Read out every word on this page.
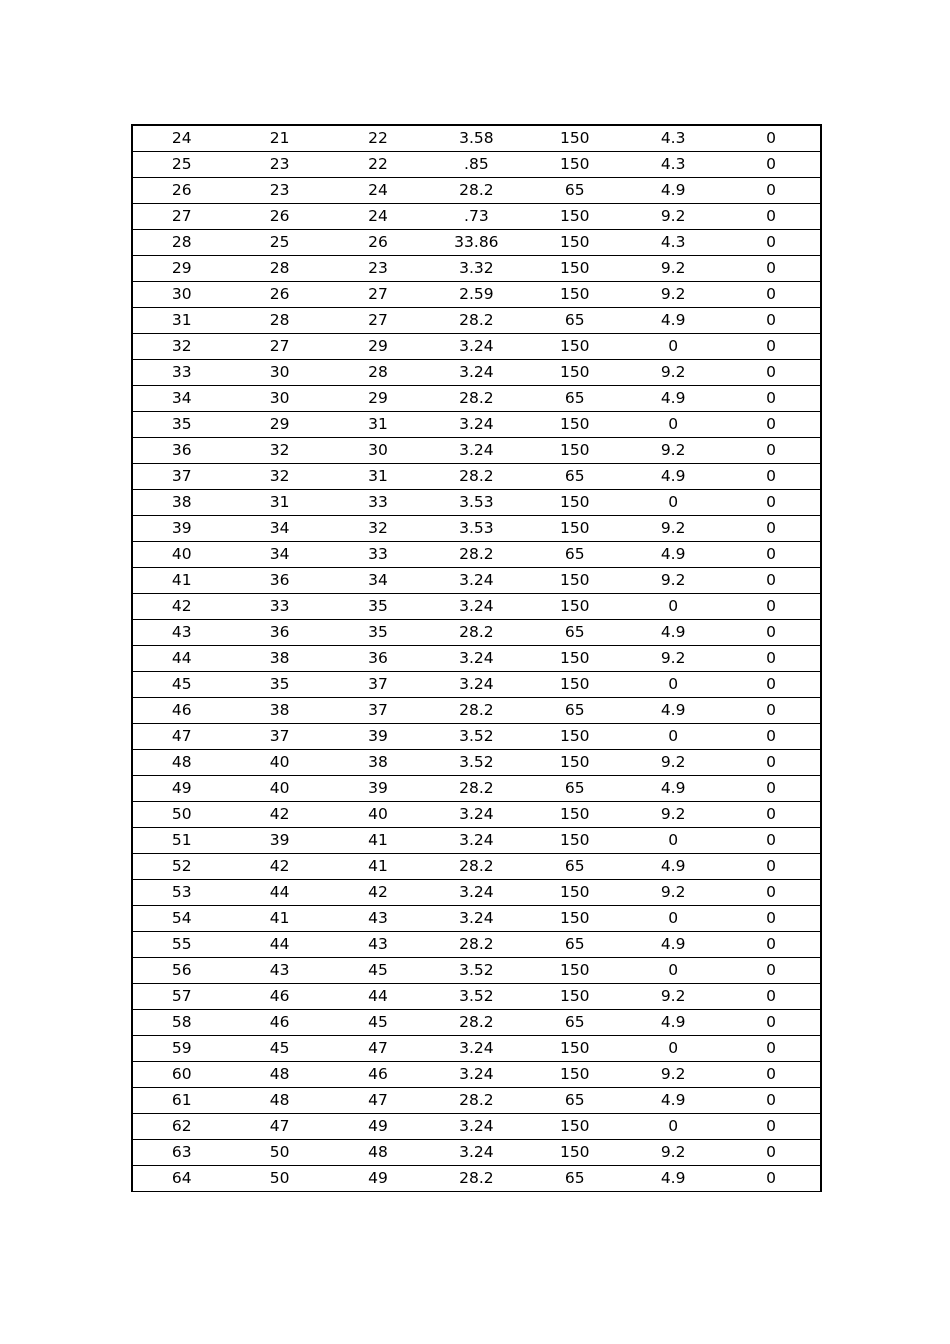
24	21	22	3.58	150	4.3	0
25	23	22	.85	150	4.3	0
26	23	24	28.2	65	4.9	0
27	26	24	.73	150	9.2	0
28	25	26	33.86	150	4.3	0
29	28	23	3.32	150	9.2	0
30	26	27	2.59	150	9.2	0
31	28	27	28.2	65	4.9	0
32	27	29	3.24	150	0	0
33	30	28	3.24	150	9.2	0
34	30	29	28.2	65	4.9	0
35	29	31	3.24	150	0	0
36	32	30	3.24	150	9.2	0
37	32	31	28.2	65	4.9	0
38	31	33	3.53	150	0	0
39	34	32	3.53	150	9.2	0
40	34	33	28.2	65	4.9	0
41	36	34	3.24	150	9.2	0
42	33	35	3.24	150	0	0
43	36	35	28.2	65	4.9	0
44	38	36	3.24	150	9.2	0
45	35	37	3.24	150	0	0
46	38	37	28.2	65	4.9	0
47	37	39	3.52	150	0	0
48	40	38	3.52	150	9.2	0
49	40	39	28.2	65	4.9	0
50	42	40	3.24	150	9.2	0
51	39	41	3.24	150	0	0
52	42	41	28.2	65	4.9	0
53	44	42	3.24	150	9.2	0
54	41	43	3.24	150	0	0
55	44	43	28.2	65	4.9	0
56	43	45	3.52	150	0	0
57	46	44	3.52	150	9.2	0
58	46	45	28.2	65	4.9	0
59	45	47	3.24	150	0	0
60	48	46	3.24	150	9.2	0
61	48	47	28.2	65	4.9	0
62	47	49	3.24	150	0	0
63	50	48	3.24	150	9.2	0
64	50	49	28.2	65	4.9	0
